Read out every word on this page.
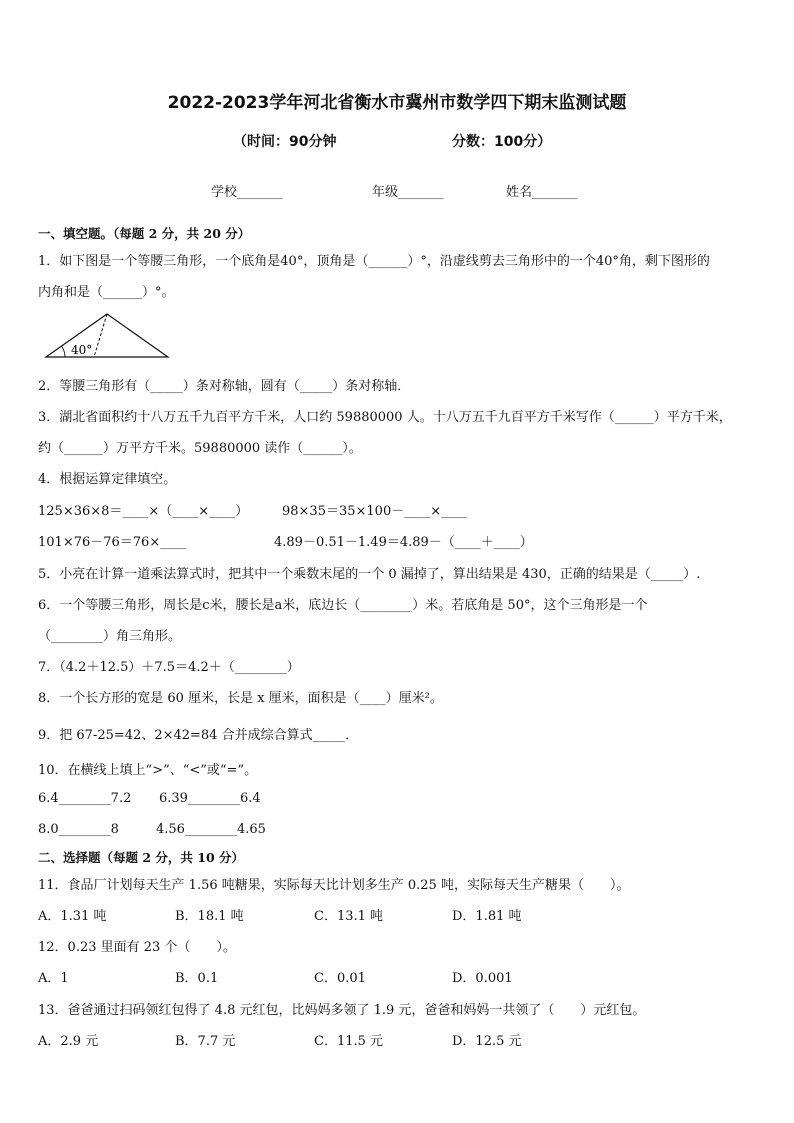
2022-2023学年河北省衡水市冀州市数学四下期末监测试题
（时间：90分钟	分数：100分）
学校_______	年级_______	姓名_______
一、填空题。（每题 2 分，共 20 分）
1．如下图是一个等腰三角形，一个底角是40°，顶角是（______）°，沿虚线剪去三角形中的一个40°角，剩下图形的
内角和是（______）°。
40°
2．等腰三角形有（_____）条对称轴，圆有（_____）条对称轴．
3．湖北省面积约十八万五千九百平方千米，人口约 59880000 人。十八万五千九百平方千米写作（______）平方千米，
约（______）万平方千米。59880000 读作（______）。
4．根据运算定律填空。
125×36×8＝____×（____×____）	98×35＝35×100－____×____
101×76－76＝76×____	4.89－0.51－1.49＝4.89－（____＋____）
5．小亮在计算一道乘法算式时，把其中一个乘数末尾的一个 0 漏掉了，算出结果是 430，正确的结果是（_____）.
6．一个等腰三角形，周长是c米，腰长是a米，底边长（________）米。若底角是 50°，这个三角形是一个
（________）角三角形。
7．（4.2＋12.5）＋7.5＝4.2＋（________）
8．一个长方形的宽是 60 厘米，长是 x 厘米，面积是（____）厘米²。
9．把 67-25=42、2×42=84 合并成综合算式_____．
10．在横线上填上“>”、“<”或“=”。
6.4________7.2 6.39________6.4
8.0________8	4.56________4.65
二、选择题（每题 2 分，共 10 分）
11．食品厂计划每天生产 1.56 吨糖果，实际每天比计划多生产 0.25 吨，实际每天生产糖果（　　）。
A．1.31 吨	B．18.1 吨	C．13.1 吨	D．1.81 吨
12．0.23 里面有 23 个（　　）。
A．1	B．0.1	C．0.01	D．0.001
13．爸爸通过扫码领红包得了 4.8 元红包，比妈妈多领了 1.9 元，爸爸和妈妈一共领了（　　）元红包。
A．2.9 元	B．7.7 元	C．11.5 元	D．12.5 元
